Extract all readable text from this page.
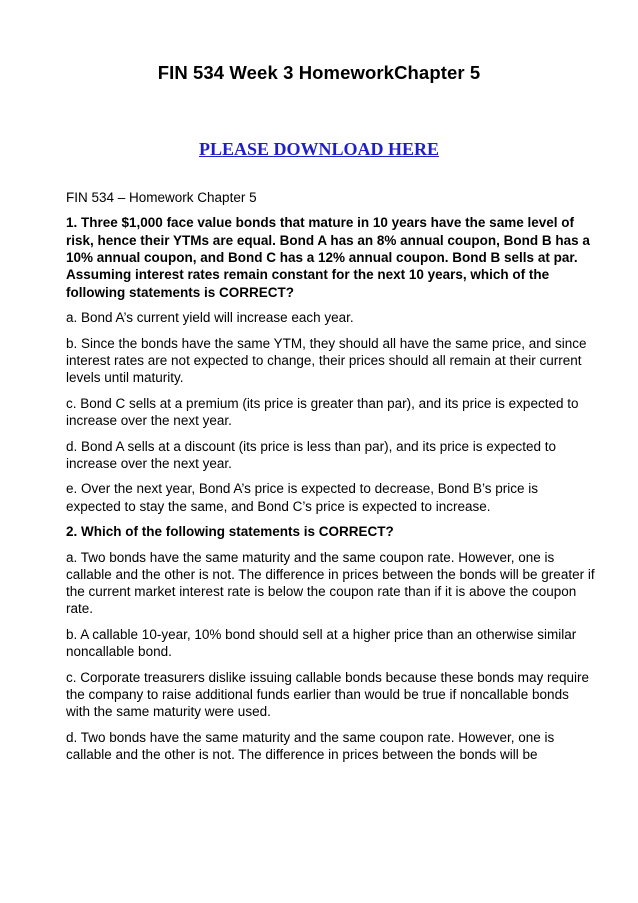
FIN 534 Week 3 HomeworkChapter 5
PLEASE DOWNLOAD HERE

FIN 534 – Homework Chapter 5

1. Three $1,000 face value bonds that mature in 10 years have the same level of risk, hence their YTMs are equal. Bond A has an 8% annual coupon, Bond B has a 10% annual coupon, and Bond C has a 12% annual coupon. Bond B sells at par. Assuming interest rates remain constant for the next 10 years, which of the following statements is CORRECT?

a. Bond A’s current yield will increase each year.

b. Since the bonds have the same YTM, they should all have the same price, and since interest rates are not expected to change, their prices should all remain at their current levels until maturity.

c. Bond C sells at a premium (its price is greater than par), and its price is expected to increase over the next year.

d. Bond A sells at a discount (its price is less than par), and its price is expected to increase over the next year.

e. Over the next year, Bond A’s price is expected to decrease, Bond B’s price is expected to stay the same, and Bond C’s price is expected to increase.

2. Which of the following statements is CORRECT?

a. Two bonds have the same maturity and the same coupon rate. However, one is callable and the other is not. The difference in prices between the bonds will be greater if the current market interest rate is below the coupon rate than if it is above the coupon rate.

b. A callable 10-year, 10% bond should sell at a higher price than an otherwise similar noncallable bond.

c. Corporate treasurers dislike issuing callable bonds because these bonds may require the company to raise additional funds earlier than would be true if noncallable bonds with the same maturity were used.

d. Two bonds have the same maturity and the same coupon rate. However, one is callable and the other is not. The difference in prices between the bonds will be
